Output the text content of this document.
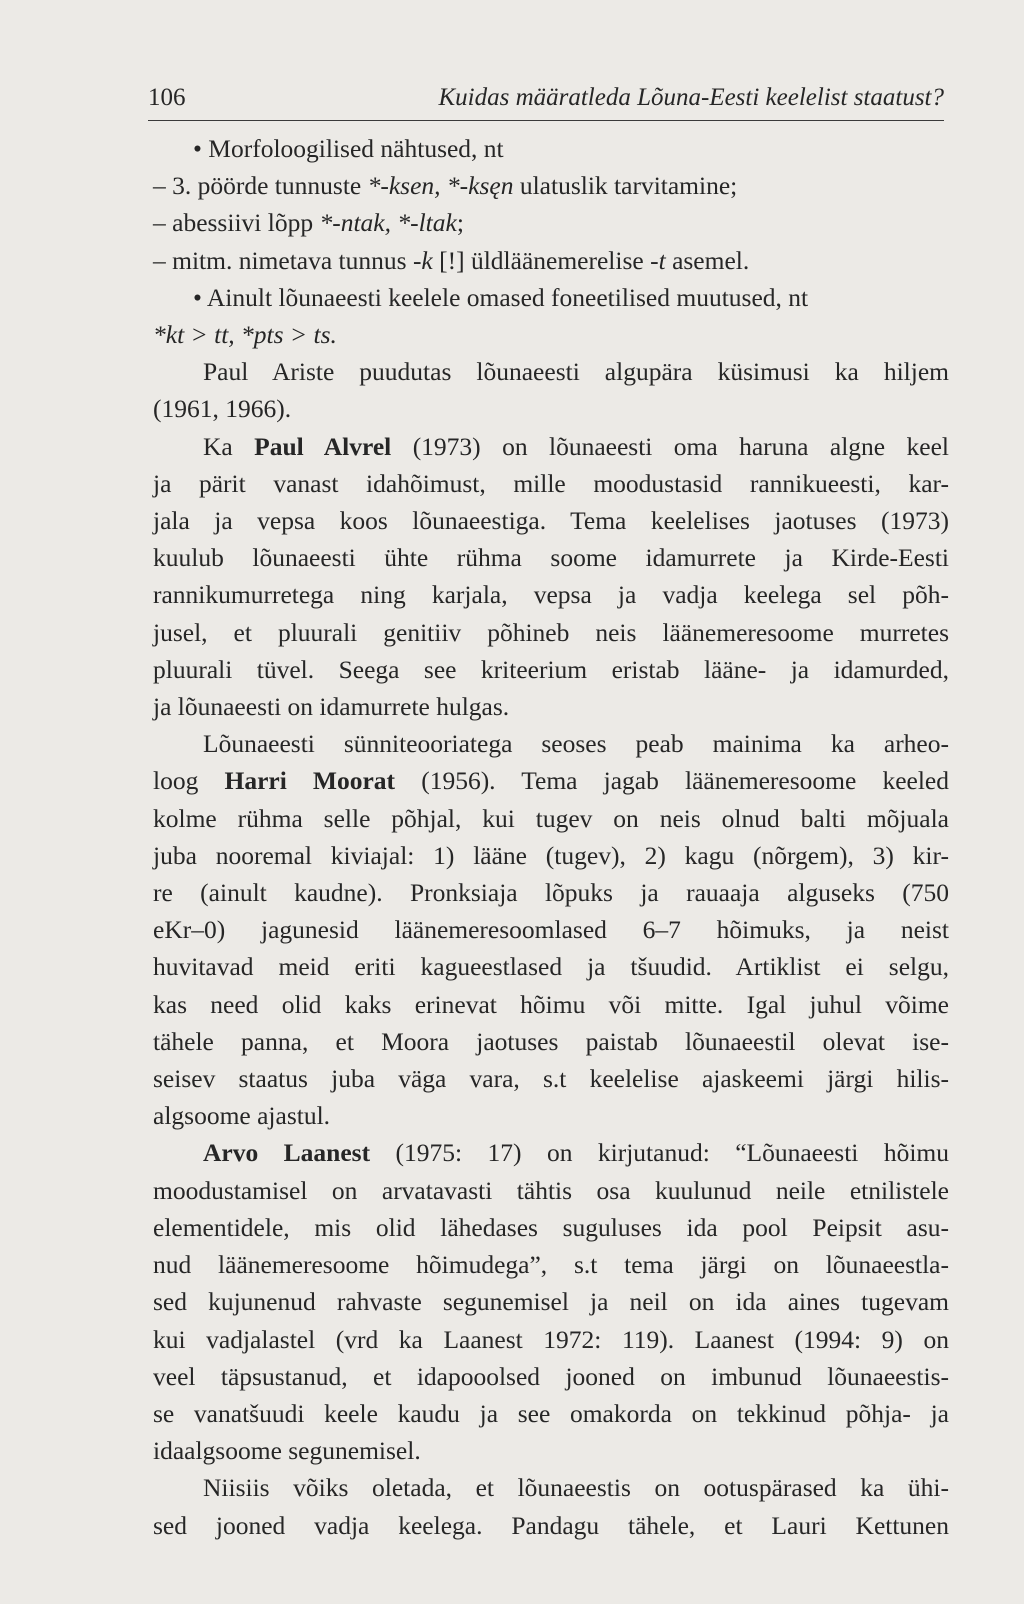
106	Kuidas määratleda Lõuna-Eesti keelelist staatust?
• Morfoloogilised nähtused, nt
– 3. pöörde tunnuste *-ksen, *-ksęn ulatuslik tarvitamine;
– abessiivi lõpp *-ntak, *-ltak;
– mitm. nimetava tunnus -k [!] üldläänemerelise -t asemel.
• Ainult lõunaeesti keelele omased foneetilised muutused, nt
*kt > tt, *pts > ts.
Paul Ariste puudutas lõunaeesti algupära küsimusi ka hiljem
(1961, 1966).
Ka Paul Alvrel (1973) on lõunaeesti oma haruna algne keel
ja pärit vanast idahõimust, mille moodustasid rannikueesti, kar-
jala ja vepsa koos lõunaeestiga. Tema keelelises jaotuses (1973)
kuulub lõunaeesti ühte rühma soome idamurrete ja Kirde-Eesti
rannikumurretega ning karjala, vepsa ja vadja keelega sel põh-
jusel, et pluurali genitiiv põhineb neis läänemeresoome murretes
pluurali tüvel. Seega see kriteerium eristab lääne- ja idamurded,
ja lõunaeesti on idamurrete hulgas.
Lõunaeesti sünniteooriatega seoses peab mainima ka arheo-
loog Harri Moorat (1956). Tema jagab läänemeresoome keeled
kolme rühma selle põhjal, kui tugev on neis olnud balti mõjuala
juba nooremal kiviajal: 1) lääne (tugev), 2) kagu (nõrgem), 3) kir-
re (ainult kaudne). Pronksiaja lõpuks ja rauaaja alguseks (750
eKr–0) jagunesid läänemeresoomlased 6–7 hõimuks, ja neist
huvitavad meid eriti kagueestlased ja tšuudid. Artiklist ei selgu,
kas need olid kaks erinevat hõimu või mitte. Igal juhul võime
tähele panna, et Moora jaotuses paistab lõunaeestil olevat ise-
seisev staatus juba väga vara, s.t keelelise ajaskeemi järgi hilis-
algsoome ajastul.
Arvo Laanest (1975: 17) on kirjutanud: “Lõunaeesti hõimu
moodustamisel on arvatavasti tähtis osa kuulunud neile etnilistele
elementidele, mis olid lähedases suguluses ida pool Peipsit asu-
nud läänemeresoome hõimudega”, s.t tema järgi on lõunaeestla-
sed kujunenud rahvaste segunemisel ja neil on ida aines tugevam
kui vadjalastel (vrd ka Laanest 1972: 119). Laanest (1994: 9) on
veel täpsustanud, et idapooolsed jooned on imbunud lõunaeestis-
se vanatšuudi keele kaudu ja see omakorda on tekkinud põhja- ja
idaalgsoome segunemisel.
Niisiis võiks oletada, et lõunaeestis on ootuspärased ka ühi-
sed jooned vadja keelega. Pandagu tähele, et Lauri Kettunen
